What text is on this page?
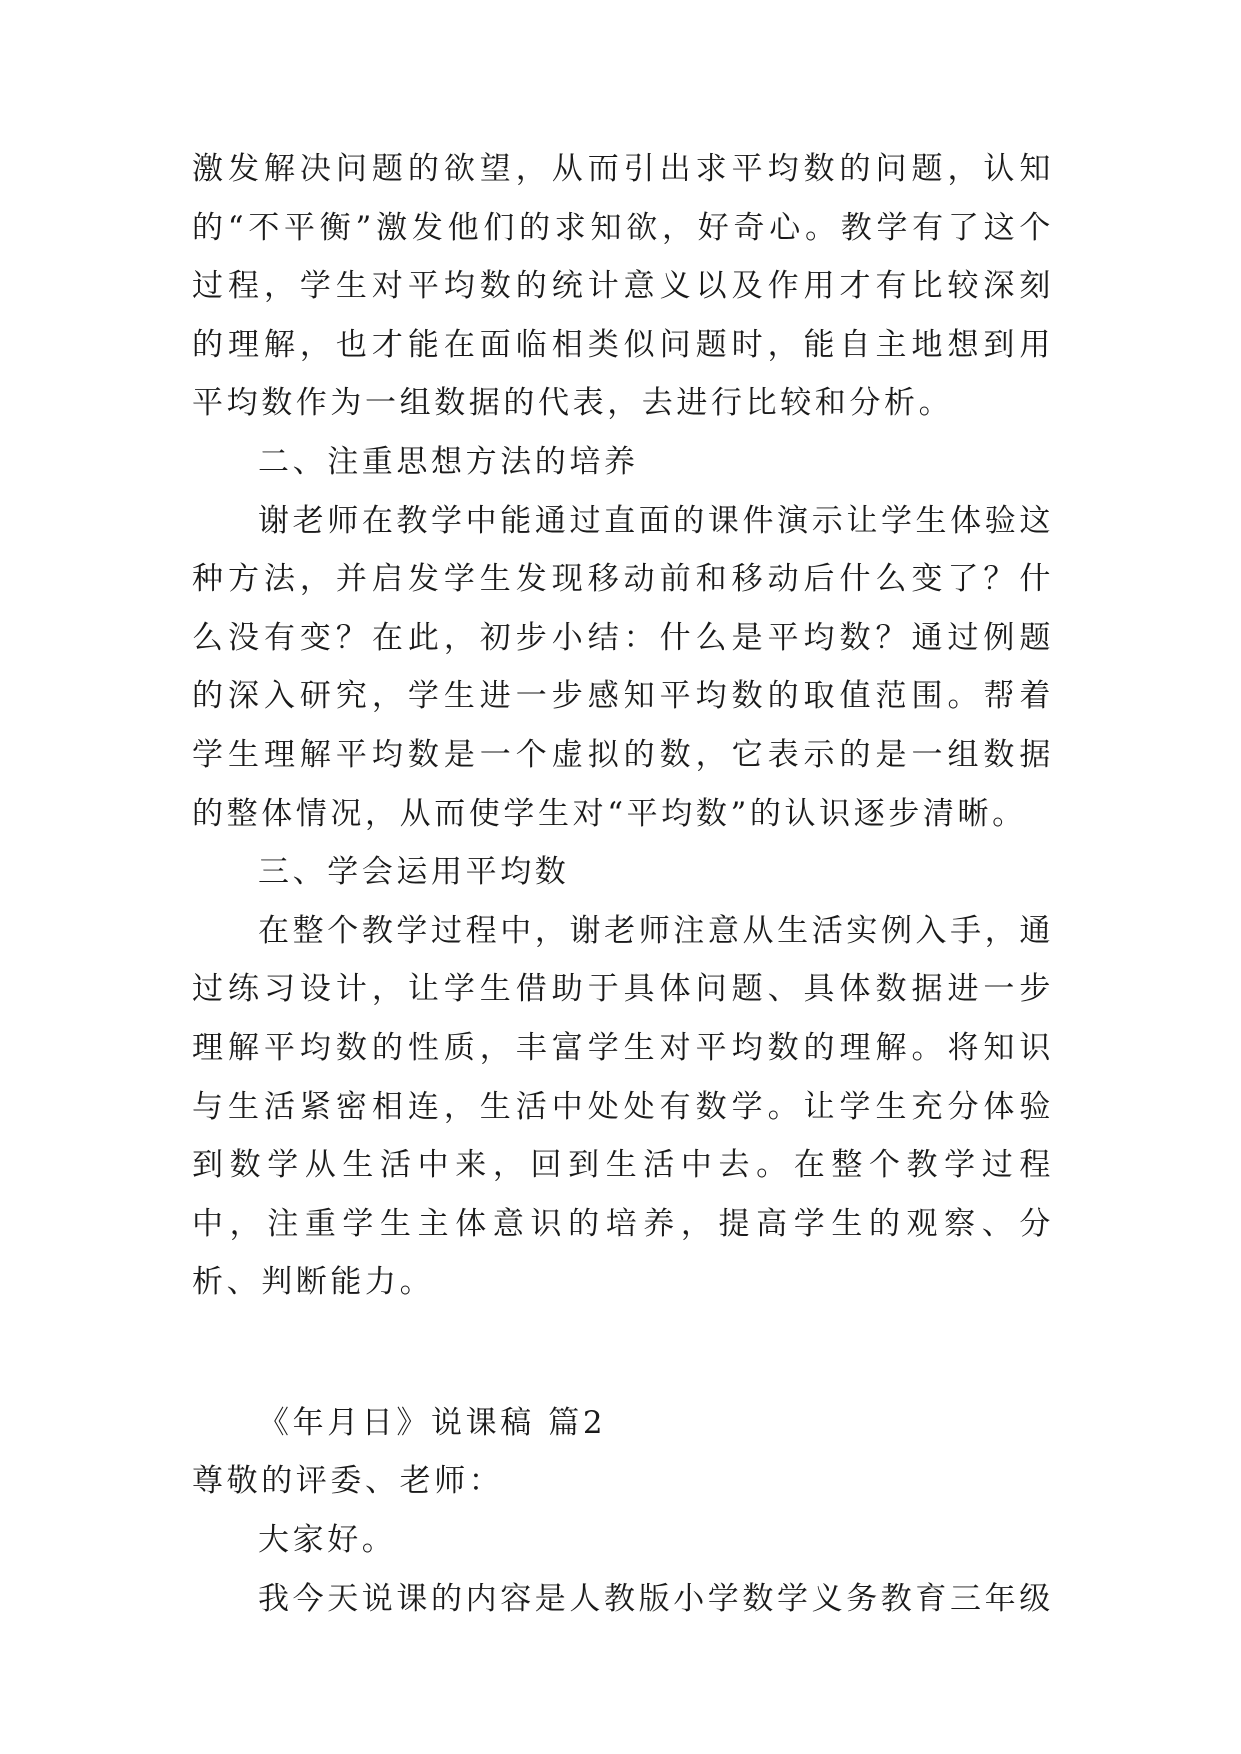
激发解决问题的欲望，从而引出求平均数的问题，认知的“不平衡”激发他们的求知欲，好奇心。教学有了这个过程，学生对平均数的统计意义以及作用才有比较深刻的理解，也才能在面临相类似问题时，能自主地想到用平均数作为一组数据的代表，去进行比较和分析。

二、注重思想方法的培养

谢老师在教学中能通过直面的课件演示让学生体验这种方法，并启发学生发现移动前和移动后什么变了？什么没有变？在此，初步小结：什么是平均数？通过例题的深入研究，学生进一步感知平均数的取值范围。帮着学生理解平均数是一个虚拟的数，它表示的是一组数据的整体情况，从而使学生对“平均数”的认识逐步清晰。

三、学会运用平均数

在整个教学过程中，谢老师注意从生活实例入手，通过练习设计，让学生借助于具体问题、具体数据进一步理解平均数的性质，丰富学生对平均数的理解。将知识与生活紧密相连，生活中处处有数学。让学生充分体验到数学从生活中来，回到生活中去。在整个教学过程中，注重学生主体意识的培养，提高学生的观察、分析、判断能力。

《年月日》说课稿 篇2

尊敬的评委、老师：

大家好。

我今天说课的内容是人教版小学数学义务教育三年级
